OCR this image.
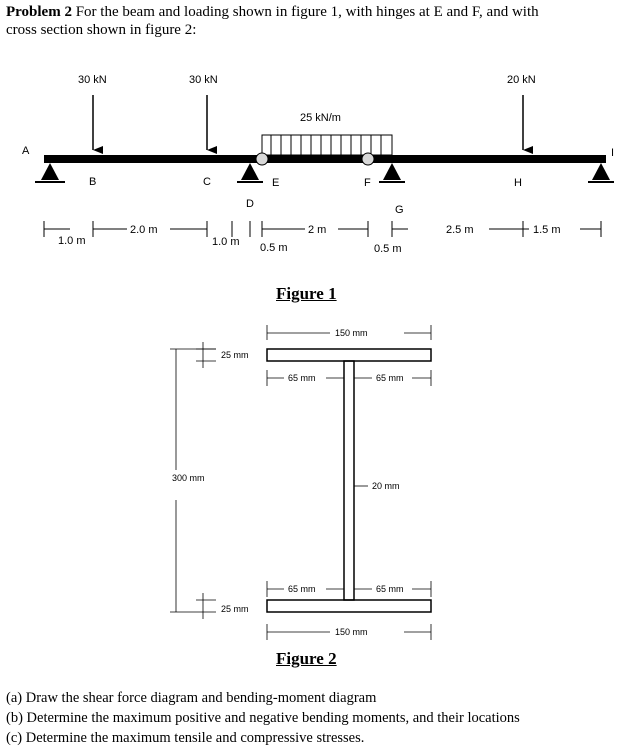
Problem 2 For the beam and loading shown in figure 1, with hinges at E and F, and with
cross section shown in figure 2:
30 kN	30 kN	20 kN
25 kN/m
A
B	C
D
E	F
G
H
I
1.0 m
2.0 m
1.0 m 0.5 m
2 m
0.5 m
2.5 m	1.5 m
Figure 1
150 mm
25 mm
65 mm	65 mm
300 mm
20 mm
65 mm	65 mm
25 mm
150 mm
Figure 2
(a) Draw the shear force diagram and bending-moment diagram
(b) Determine the maximum positive and negative bending moments, and their locations
(c) Determine the maximum tensile and compressive stresses.
